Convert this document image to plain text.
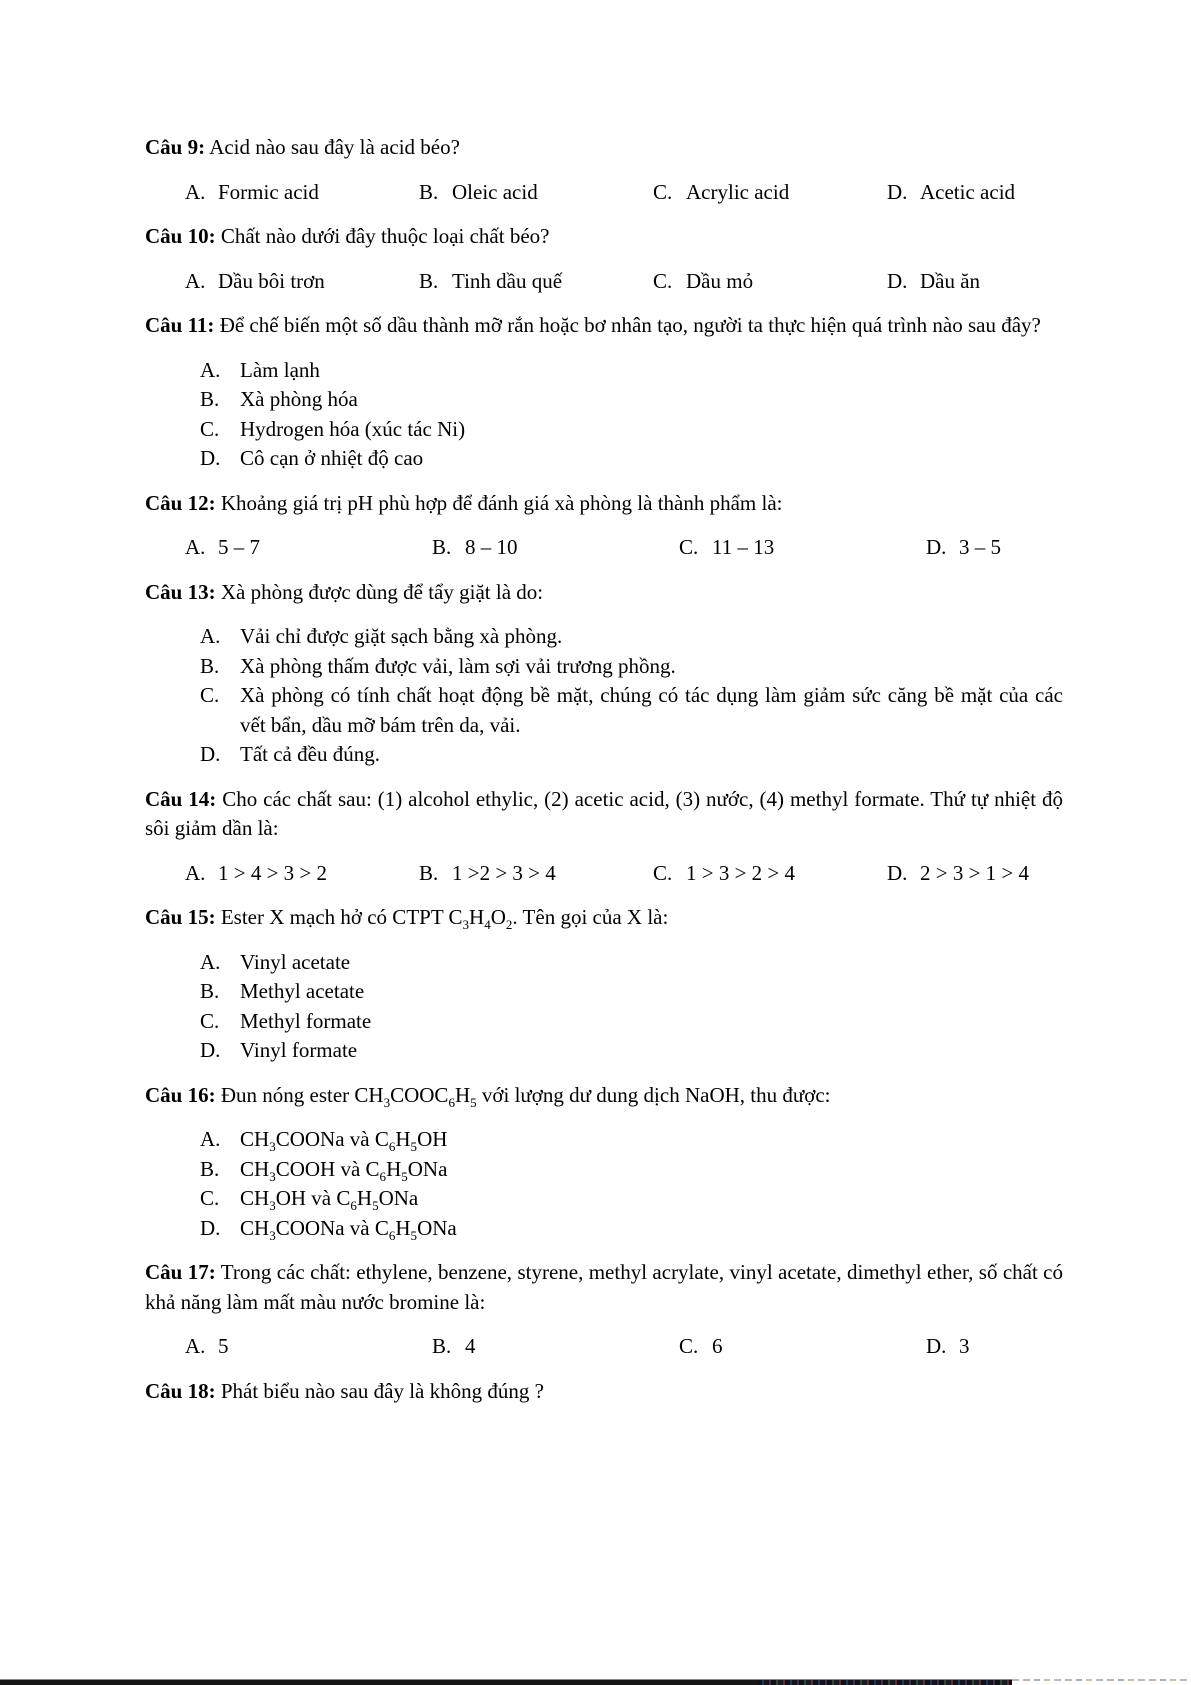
Câu 9: Acid nào sau đây là acid béo?

A. Formic acid	B. Oleic acid	C. Acrylic acid	D. Acetic acid

Câu 10: Chất nào dưới đây thuộc loại chất béo?

A. Dầu bôi trơn	B. Tinh dầu quế	C. Dầu mỏ	D. Dầu ăn

Câu 11: Để chế biến một số dầu thành mỡ rắn hoặc bơ nhân tạo, người ta thực hiện quá trình nào sau đây?

A. Làm lạnh
B. Xà phòng hóa
C. Hydrogen hóa (xúc tác Ni)
D. Cô cạn ở nhiệt độ cao

Câu 12: Khoảng giá trị pH phù hợp để đánh giá xà phòng là thành phẩm là:

A. 5 – 7	B. 8 – 10	C. 11 – 13	D. 3 – 5

Câu 13: Xà phòng được dùng để tẩy giặt là do:

A. Vải chỉ được giặt sạch bằng xà phòng.
B. Xà phòng thấm được vải, làm sợi vải trương phồng.
C. Xà phòng có tính chất hoạt động bề mặt, chúng có tác dụng làm giảm sức căng bề mặt của các vết bẩn, dầu mỡ bám trên da, vải.
D. Tất cả đều đúng.

Câu 14: Cho các chất sau: (1) alcohol ethylic, (2) acetic acid, (3) nước, (4) methyl formate. Thứ tự nhiệt độ sôi giảm dần là:

A. 1 > 4 > 3 > 2	B. 1 >2 > 3 > 4	C. 1 > 3 > 2 > 4	D. 2 > 3 > 1 > 4

Câu 15: Ester X mạch hở có CTPT $C_3H_4O_2$. Tên gọi của X là:

A. Vinyl acetate
B. Methyl acetate
C. Methyl formate
D. Vinyl formate

Câu 16: Đun nóng ester $CH_3COOC_6H_5$ với lượng dư dung dịch NaOH, thu được:

A. $CH_3COONa$ và $C_6H_5OH$
B. $CH_3COOH$ và $C_6H_5ONa$
C. $CH_3OH$ và $C_6H_5ONa$
D. $CH_3COONa$ và $C_6H_5ONa$

Câu 17: Trong các chất: ethylene, benzene, styrene, methyl acrylate, vinyl acetate, dimethyl ether, số chất có khả năng làm mất màu nước bromine là:

A. 5	B. 4	C. 6	D. 3

Câu 18: Phát biểu nào sau đây là không đúng ?
